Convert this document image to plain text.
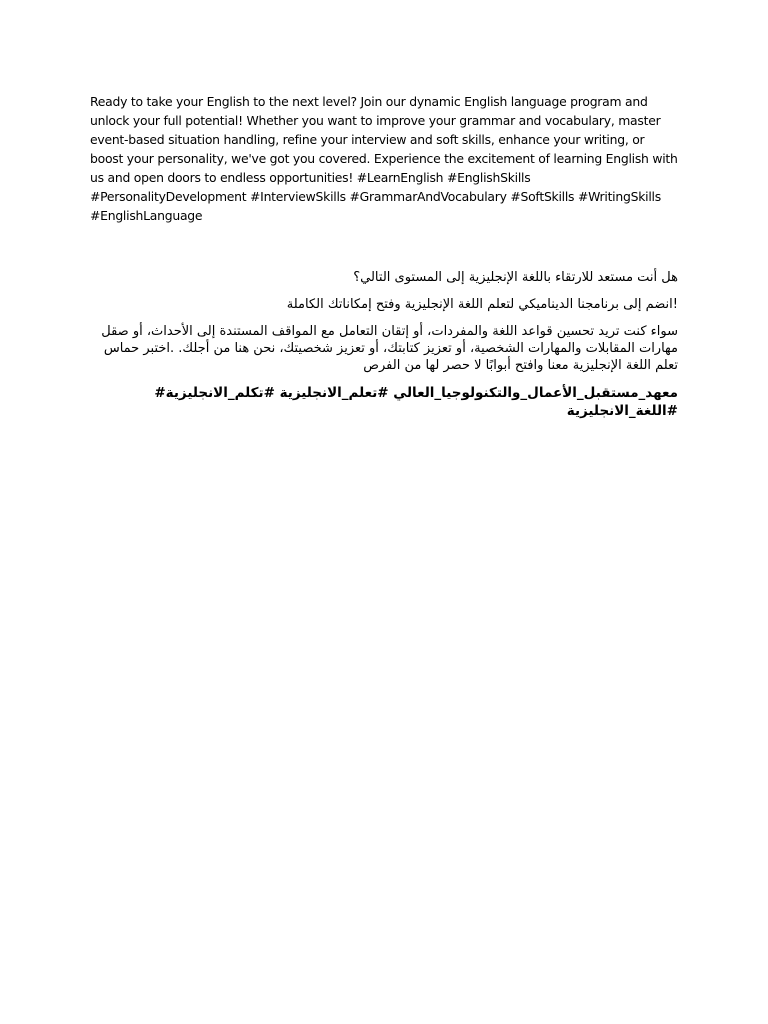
Ready to take your English to the next level? Join our dynamic English language program and unlock your full potential! Whether you want to improve your grammar and vocabulary, master event-based situation handling, refine your interview and soft skills, enhance your writing, or boost your personality, we've got you covered. Experience the excitement of learning English with us and open doors to endless opportunities! #LearnEnglish #EnglishSkills #PersonalityDevelopment #InterviewSkills #GrammarAndVocabulary #SoftSkills #WritingSkills #EnglishLanguage

هل أنت مستعد للارتقاء باللغة الإنجليزية إلى المستوى التالي؟

!انضم إلى برنامجنا الديناميكي لتعلم اللغة الإنجليزية وفتح إمكاناتك الكاملة

سواء كنت تريد تحسين قواعد اللغة والمفردات، أو إتقان التعامل مع المواقف المستندة إلى الأحداث، أو صقل مهارات المقابلات والمهارات الشخصية، أو تعزيز كتابتك، أو تعزيز شخصيتك، نحن هنا من أجلك. .اختبر حماس تعلم اللغة الإنجليزية معنا وافتح أبوابًا لا حصر لها من الفرص

معهد_مستقبل_الأعمال_والتكنولوجيا_العالي #تعلم_الانجليزية #تكلم_الانجليزية# #اللغة_الانجليزية
